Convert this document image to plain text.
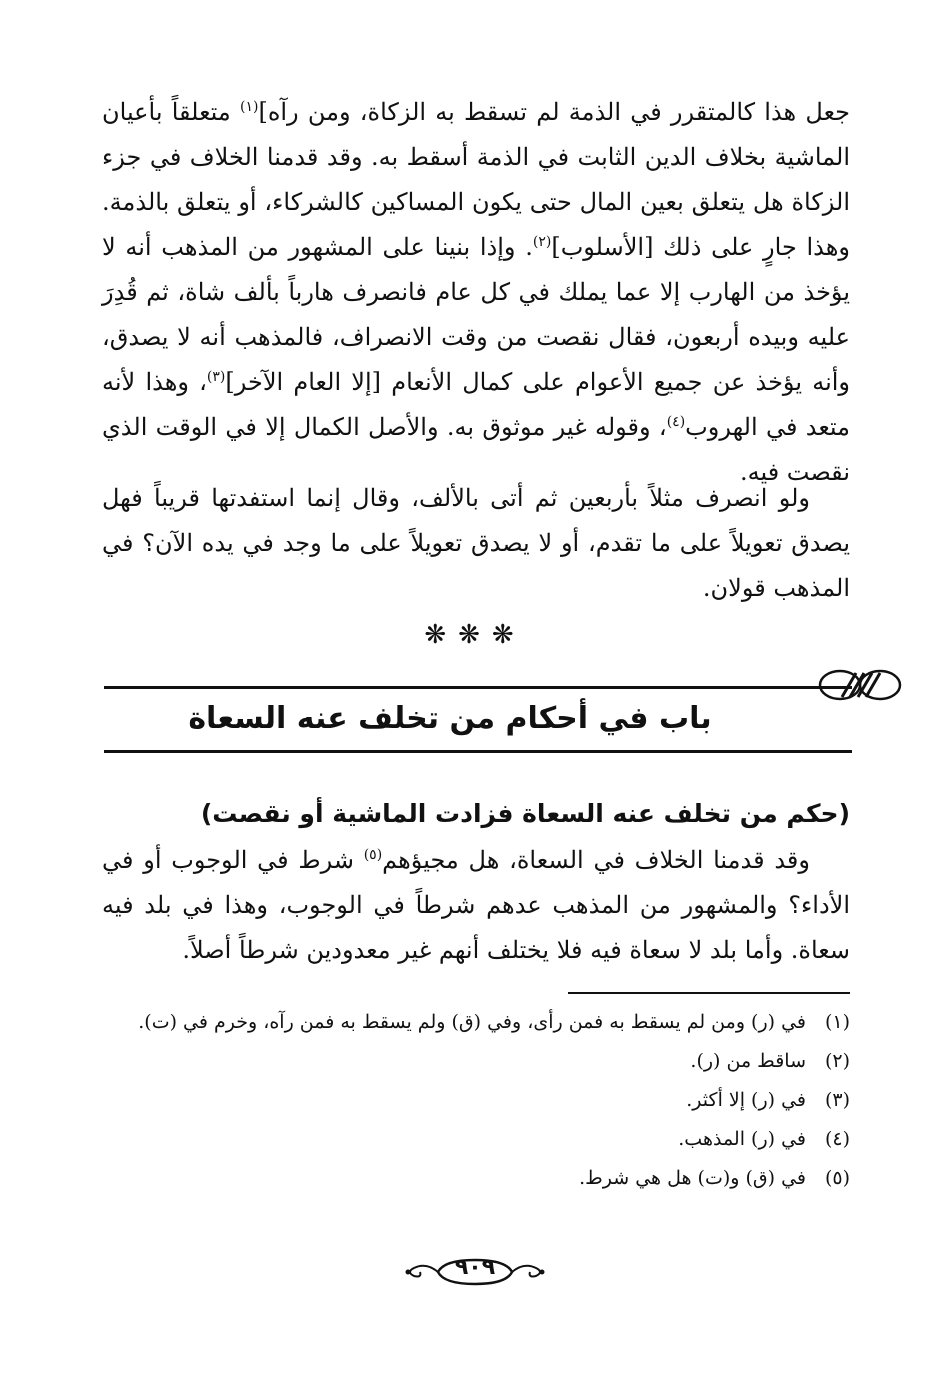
جعل هذا كالمتقرر في الذمة لم تسقط به الزكاة، ومن رآه]$^{(١)}$ متعلقاً بأعيان الماشية بخلاف الدين الثابت في الذمة أسقط به. وقد قدمنا الخلاف في جزء الزكاة هل يتعلق بعين المال حتى يكون المساكين كالشركاء، أو يتعلق بالذمة. وهذا جارٍ على ذلك [الأسلوب]$^{(٢)}$. وإذا بنينا على المشهور من المذهب أنه لا يؤخذ من الهارب إلا عما يملك في كل عام فانصرف هارباً بألف شاة، ثم قُدِرَ عليه وبيده أربعون، فقال نقصت من وقت الانصراف، فالمذهب أنه لا يصدق، وأنه يؤخذ عن جميع الأعوام على كمال الأنعام [إلا العام الآخر]$^{(٣)}$، وهذا لأنه متعد في الهروب$^{(٤)}$، وقوله غير موثوق به. والأصل الكمال إلا في الوقت الذي نقصت فيه.

ولو انصرف مثلاً بأربعين ثم أتى بالألف، وقال إنما استفدتها قريباً فهل يصدق تعويلاً على ما تقدم، أو لا يصدق تعويلاً على ما وجد في يده الآن؟ في المذهب قولان.

❋❋❋
باب في أحكام من تخلف عنه السعاة
(حكم من تخلف عنه السعاة فزادت الماشية أو نقصت)

وقد قدمنا الخلاف في السعاة، هل مجيؤهم$^{(٥)}$ شرط في الوجوب أو في الأداء؟ والمشهور من المذهب عدهم شرطاً في الوجوب، وهذا في بلد فيه سعاة. وأما بلد لا سعاة فيه فلا يختلف أنهم غير معدودين شرطاً أصلاً.

(١)
في (ر) ومن لم يسقط به فمن رأى، وفي (ق) ولم يسقط به فمن رآه، وخرم في (ت).
(٢)
ساقط من (ر).
(٣)
في (ر) إلا أكثر.
(٤)
في (ر) المذهب.
(٥)
في (ق) و(ت) هل هي شرط.
٩٠٩
